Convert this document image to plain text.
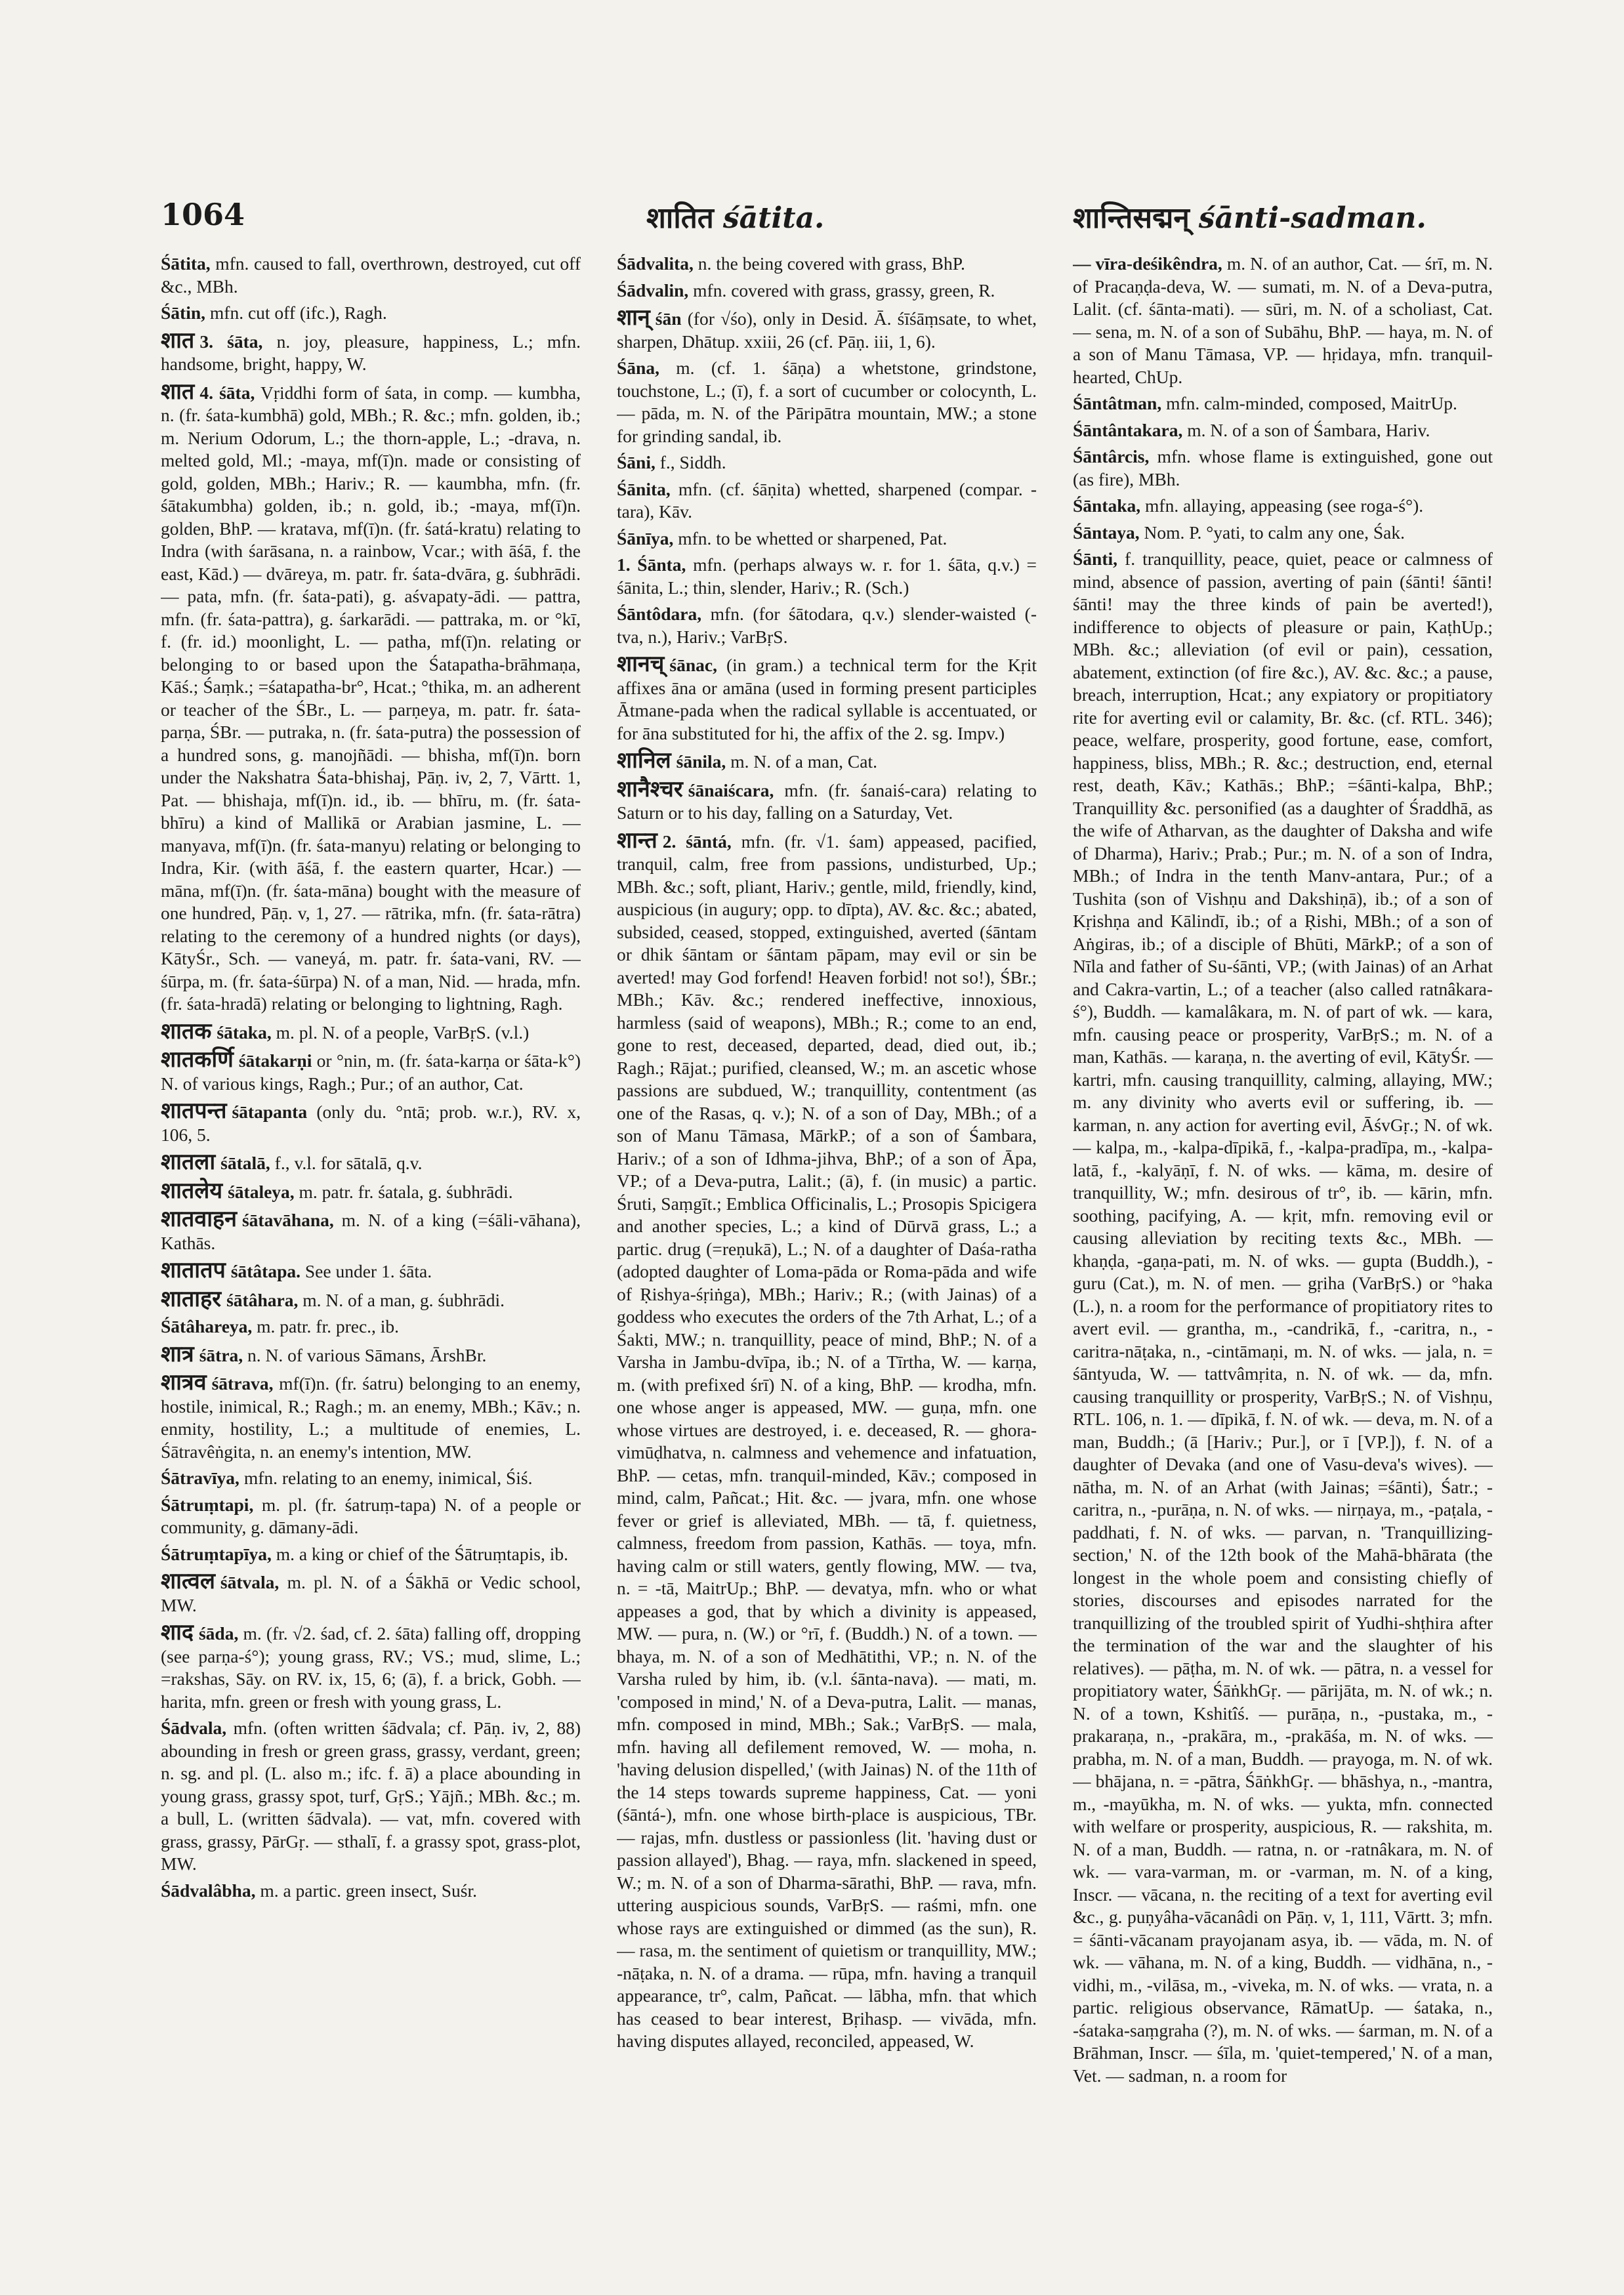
1064	शातित śātita.	शान्तिसद्मन् śānti-sadman.

Śātita, mfn. caused to fall, overthrown, destroyed, cut off &c., MBh.

Śātin, mfn. cut off (ifc.), Ragh.

शात 3. śāta, n. joy, pleasure, happiness, L.; mfn. handsome, bright, happy, W.

शात 4. śāta, Vṛiddhi form of śata, in comp. — kumbha, n. (fr. śata-kumbhā) gold, MBh.; R. &c.; mfn. golden, ib.; m. Nerium Odorum, L.; the thorn-apple, L.; -drava, n. melted gold, Ml.; -maya, mf(ī)n. made or consisting of gold, golden, MBh.; Hariv.; R. — kaumbha, mfn. (fr. śātakumbha) golden, ib.; n. gold, ib.; -maya, mf(ī)n. golden, BhP. — kratava, mf(ī)n. (fr. śatá-kratu) relating to Indra (with śarāsana, n. a rainbow, Vcar.; with āśā, f. the east, Kād.) — dvāreya, m. patr. fr. śata-dvāra, g. śubhrādi. — pata, mfn. (fr. śata-pati), g. aśvapaty-ādi. — pattra, mfn. (fr. śata-pattra), g. śarkarādi. — pattraka, m. or °kī, f. (fr. id.) moonlight, L. — patha, mf(ī)n. relating or belonging to or based upon the Śatapatha-brāhmaṇa, Kāś.; Śaṃk.; =śatapatha-br°, Hcat.; °thika, m. an adherent or teacher of the ŚBr., L. — parṇeya, m. patr. fr. śata-parṇa, ŚBr. — putraka, n. (fr. śata-putra) the possession of a hundred sons, g. manojñādi. — bhisha, mf(ī)n. born under the Nakshatra Śata-bhishaj, Pāṇ. iv, 2, 7, Vārtt. 1, Pat. — bhishaja, mf(ī)n. id., ib. — bhīru, m. (fr. śata-bhīru) a kind of Mallikā or Arabian jasmine, L. — manyava, mf(ī)n. (fr. śata-manyu) relating or belonging to Indra, Kir. (with āśā, f. the eastern quarter, Hcar.) — māna, mf(ī)n. (fr. śata-māna) bought with the measure of one hundred, Pāṇ. v, 1, 27. — rātrika, mfn. (fr. śata-rātra) relating to the ceremony of a hundred nights (or days), KātyŚr., Sch. — vaneyá, m. patr. fr. śata-vani, RV. — śūrpa, m. (fr. śata-śūrpa) N. of a man, Nid. — hrada, mfn. (fr. śata-hradā) relating or belonging to lightning, Ragh.

शातक śātaka, m. pl. N. of a people, VarBṛS. (v.l.)

शातकर्णि śātakarṇi or °nin, m. (fr. śata-karṇa or śāta-k°) N. of various kings, Ragh.; Pur.; of an author, Cat.

शातपन्त śātapanta (only du. °ntā; prob. w.r.), RV. x, 106, 5.

शातला śātalā, f., v.l. for sātalā, q.v.

शातलेय śātaleya, m. patr. fr. śatala, g. śubhrādi.

शातवाहन śātavāhana, m. N. of a king (=śāli-vāhana), Kathās.

शातातप śātâtapa. See under 1. śāta.

शाताहर śātâhara, m. N. of a man, g. śubhrādi.

Śātâhareya, m. patr. fr. prec., ib.

शात्र śātra, n. N. of various Sāmans, ĀrshBr.

शात्रव śātrava, mf(ī)n. (fr. śatru) belonging to an enemy, hostile, inimical, R.; Ragh.; m. an enemy, MBh.; Kāv.; n. enmity, hostility, L.; a multitude of enemies, L. Śātravêṅgita, n. an enemy's intention, MW.

Śātravīya, mfn. relating to an enemy, inimical, Śiś.

Śātruṃtapi, m. pl. (fr. śatruṃ-tapa) N. of a people or community, g. dāmany-ādi.

Śātruṃtapīya, m. a king or chief of the Śātruṃtapis, ib.

शात्वल śātvala, m. pl. N. of a Śākhā or Vedic school, MW.

शाद śāda, m. (fr. √2. śad, cf. 2. śāta) falling off, dropping (see parṇa-ś°); young grass, RV.; VS.; mud, slime, L.; =rakshas, Sāy. on RV. ix, 15, 6; (ā), f. a brick, Gobh. — harita, mfn. green or fresh with young grass, L.

Śādvala, mfn. (often written śādvala; cf. Pāṇ. iv, 2, 88) abounding in fresh or green grass, grassy, verdant, green; n. sg. and pl. (L. also m.; ifc. f. ā) a place abounding in young grass, grassy spot, turf, GṛS.; Yājñ.; MBh. &c.; m. a bull, L. (written śādvala). — vat, mfn. covered with grass, grassy, PārGṛ. — sthalī, f. a grassy spot, grass-plot, MW.

Śādvalâbha, m. a partic. green insect, Suśr.

Śādvalita, n. the being covered with grass, BhP.

Śādvalin, mfn. covered with grass, grassy, green, R.

शान् śān (for √śo), only in Desid. Ā. śīśāṃsate, to whet, sharpen, Dhātup. xxiii, 26 (cf. Pāṇ. iii, 1, 6).

Śāna, m. (cf. 1. śāṇa) a whetstone, grindstone, touchstone, L.; (ī), f. a sort of cucumber or colocynth, L. — pāda, m. N. of the Pāripātra mountain, MW.; a stone for grinding sandal, ib.

Śāni, f., Siddh.

Śānita, mfn. (cf. śāṇita) whetted, sharpened (compar. -tara), Kāv.

Śānīya, mfn. to be whetted or sharpened, Pat.

1. Śānta, mfn. (perhaps always w. r. for 1. śāta, q.v.) = śānita, L.; thin, slender, Hariv.; R. (Sch.)

Śāntôdara, mfn. (for śātodara, q.v.) slender-waisted (-tva, n.), Hariv.; VarBṛS.

शानच् śānac, (in gram.) a technical term for the Kṛit affixes āna or amāna (used in forming present participles Ātmane-pada when the radical syllable is accentuated, or for āna substituted for hi, the affix of the 2. sg. Impv.)

शानिल śānila, m. N. of a man, Cat.

शानैश्चर śānaiścara, mfn. (fr. śanaiś-cara) relating to Saturn or to his day, falling on a Saturday, Vet.

शान्त 2. śāntá, mfn. (fr. √1. śam) appeased, pacified, tranquil, calm, free from passions, undisturbed, Up.; MBh. &c.; soft, pliant, Hariv.; gentle, mild, friendly, kind, auspicious (in augury; opp. to dīpta), AV. &c. &c.; abated, subsided, ceased, stopped, extinguished, averted (śāntam or dhik śāntam or śāntam pāpam, may evil or sin be averted! may God forfend! Heaven forbid! not so!), ŚBr.; MBh.; Kāv. &c.; rendered ineffective, innoxious, harmless (said of weapons), MBh.; R.; come to an end, gone to rest, deceased, departed, dead, died out, ib.; Ragh.; Rājat.; purified, cleansed, W.; m. an ascetic whose passions are subdued, W.; tranquillity, contentment (as one of the Rasas, q. v.); N. of a son of Day, MBh.; of a son of Manu Tāmasa, MārkP.; of a son of Śambara, Hariv.; of a son of Idhma-jihva, BhP.; of a son of Āpa, VP.; of a Deva-putra, Lalit.; (ā), f. (in music) a partic. Śruti, Saṃgīt.; Emblica Officinalis, L.; Prosopis Spicigera and another species, L.; a kind of Dūrvā grass, L.; a partic. drug (=reṇukā), L.; N. of a daughter of Daśa-ratha (adopted daughter of Loma-pāda or Roma-pāda and wife of Ṛishya-śṛiṅga), MBh.; Hariv.; R.; (with Jainas) of a goddess who executes the orders of the 7th Arhat, L.; of a Śakti, MW.; n. tranquillity, peace of mind, BhP.; N. of a Varsha in Jambu-dvīpa, ib.; N. of a Tīrtha, W. — karṇa, m. (with prefixed śrī) N. of a king, BhP. — krodha, mfn. one whose anger is appeased, MW. — guṇa, mfn. one whose virtues are destroyed, i. e. deceased, R. — ghora-vimūḍhatva, n. calmness and vehemence and infatuation, BhP. — cetas, mfn. tranquil-minded, Kāv.; composed in mind, calm, Pañcat.; Hit. &c. — jvara, mfn. one whose fever or grief is alleviated, MBh. — tā, f. quietness, calmness, freedom from passion, Kathās. — toya, mfn. having calm or still waters, gently flowing, MW. — tva, n. = -tā, MaitrUp.; BhP. — devatya, mfn. who or what appeases a god, that by which a divinity is appeased, MW. — pura, n. (W.) or °rī, f. (Buddh.) N. of a town. — bhaya, m. N. of a son of Medhātithi, VP.; n. N. of the Varsha ruled by him, ib. (v.l. śānta-nava). — mati, m. 'composed in mind,' N. of a Deva-putra, Lalit. — manas, mfn. composed in mind, MBh.; Sak.; VarBṛS. — mala, mfn. having all defilement removed, W. — moha, n. 'having delusion dispelled,' (with Jainas) N. of the 11th of the 14 steps towards supreme happiness, Cat. — yoni (śāntá-), mfn. one whose birth-place is auspicious, TBr. — rajas, mfn. dustless or passionless (lit. 'having dust or passion allayed'), Bhag. — raya, mfn. slackened in speed, W.; m. N. of a son of Dharma-sārathi, BhP. — rava, mfn. uttering auspicious sounds, VarBṛS. — raśmi, mfn. one whose rays are extinguished or dimmed (as the sun), R. — rasa, m. the sentiment of quietism or tranquillity, MW.; -nāṭaka, n. N. of a drama. — rūpa, mfn. having a tranquil appearance, tr°, calm, Pañcat. — lābha, mfn. that which has ceased to bear interest, Bṛihasp. — vivāda, mfn. having disputes allayed, reconciled, appeased, W.

— vīra-deśikêndra, m. N. of an author, Cat. — śrī, m. N. of Pracaṇḍa-deva, W. — sumati, m. N. of a Deva-putra, Lalit. (cf. śānta-mati). — sūri, m. N. of a scholiast, Cat. — sena, m. N. of a son of Subāhu, BhP. — haya, m. N. of a son of Manu Tāmasa, VP. — hṛidaya, mfn. tranquil-hearted, ChUp.

Śāntâtman, mfn. calm-minded, composed, MaitrUp.

Śāntântakara, m. N. of a son of Śambara, Hariv.

Śāntârcis, mfn. whose flame is extinguished, gone out (as fire), MBh.

Śāntaka, mfn. allaying, appeasing (see roga-ś°).

Śāntaya, Nom. P. °yati, to calm any one, Śak.

Śānti, f. tranquillity, peace, quiet, peace or calmness of mind, absence of passion, averting of pain (śānti! śānti! śānti! may the three kinds of pain be averted!), indifference to objects of pleasure or pain, KaṭhUp.; MBh. &c.; alleviation (of evil or pain), cessation, abatement, extinction (of fire &c.), AV. &c. &c.; a pause, breach, interruption, Hcat.; any expiatory or propitiatory rite for averting evil or calamity, Br. &c. (cf. RTL. 346); peace, welfare, prosperity, good fortune, ease, comfort, happiness, bliss, MBh.; R. &c.; destruction, end, eternal rest, death, Kāv.; Kathās.; BhP.; =śānti-kalpa, BhP.; Tranquillity &c. personified (as a daughter of Śraddhā, as the wife of Atharvan, as the daughter of Daksha and wife of Dharma), Hariv.; Prab.; Pur.; m. N. of a son of Indra, MBh.; of Indra in the tenth Manv-antara, Pur.; of a Tushita (son of Vishṇu and Dakshiṇā), ib.; of a son of Kṛishṇa and Kālindī, ib.; of a Ṛishi, MBh.; of a son of Aṅgiras, ib.; of a disciple of Bhūti, MārkP.; of a son of Nīla and father of Su-śānti, VP.; (with Jainas) of an Arhat and Cakra-vartin, L.; of a teacher (also called ratnâkara-ś°), Buddh. — kamalâkara, m. N. of part of wk. — kara, mfn. causing peace or prosperity, VarBṛS.; m. N. of a man, Kathās. — karaṇa, n. the averting of evil, KātyŚr. — kartri, mfn. causing tranquillity, calming, allaying, MW.; m. any divinity who averts evil or suffering, ib. — karman, n. any action for averting evil, ĀśvGṛ.; N. of wk. — kalpa, m., -kalpa-dīpikā, f., -kalpa-pradīpa, m., -kalpa-latā, f., -kalyāṇī, f. N. of wks. — kāma, m. desire of tranquillity, W.; mfn. desirous of tr°, ib. — kārin, mfn. soothing, pacifying, A. — kṛit, mfn. removing evil or causing alleviation by reciting texts &c., MBh. — khaṇḍa, -gaṇa-pati, m. N. of wks. — gupta (Buddh.), -guru (Cat.), m. N. of men. — gṛiha (VarBṛS.) or °haka (L.), n. a room for the performance of propitiatory rites to avert evil. — grantha, m., -candrikā, f., -caritra, n., -caritra-nāṭaka, n., -cintāmaṇi, m. N. of wks. — jala, n. = śāntyuda, W. — tattvâmṛita, n. N. of wk. — da, mfn. causing tranquillity or prosperity, VarBṛS.; N. of Vishṇu, RTL. 106, n. 1. — dīpikā, f. N. of wk. — deva, m. N. of a man, Buddh.; (ā [Hariv.; Pur.], or ī [VP.]), f. N. of a daughter of Devaka (and one of Vasu-deva's wives). — nātha, m. N. of an Arhat (with Jainas; =śānti), Śatr.; -caritra, n., -purāṇa, n. N. of wks. — nirṇaya, m., -paṭala, -paddhati, f. N. of wks. — parvan, n. 'Tranquillizing-section,' N. of the 12th book of the Mahā-bhārata (the longest in the whole poem and consisting chiefly of stories, discourses and episodes narrated for the tranquillizing of the troubled spirit of Yudhi-shṭhira after the termination of the war and the slaughter of his relatives). — pāṭha, m. N. of wk. — pātra, n. a vessel for propitiatory water, ŚāṅkhGṛ. — pārijāta, m. N. of wk.; n. N. of a town, Kshitîś. — purāṇa, n., -pustaka, m., -prakaraṇa, n., -prakāra, m., -prakāśa, m. N. of wks. — prabha, m. N. of a man, Buddh. — prayoga, m. N. of wk. — bhājana, n. = -pātra, ŚāṅkhGṛ. — bhāshya, n., -mantra, m., -mayūkha, m. N. of wks. — yukta, mfn. connected with welfare or prosperity, auspicious, R. — rakshita, m. N. of a man, Buddh. — ratna, n. or -ratnâkara, m. N. of wk. — vara-varman, m. or -varman, m. N. of a king, Inscr. — vācana, n. the reciting of a text for averting evil &c., g. puṇyâha-vācanâdi on Pāṇ. v, 1, 111, Vārtt. 3; mfn. = śānti-vācanam prayojanam asya, ib. — vāda, m. N. of wk. — vāhana, m. N. of a king, Buddh. — vidhāna, n., -vidhi, m., -vilāsa, m., -viveka, m. N. of wks. — vrata, n. a partic. religious observance, RāmatUp. — śataka, n., -śataka-saṃgraha (?), m. N. of wks. — śarman, m. N. of a Brāhman, Inscr. — śīla, m. 'quiet-tempered,' N. of a man, Vet. — sadman, n. a room for
